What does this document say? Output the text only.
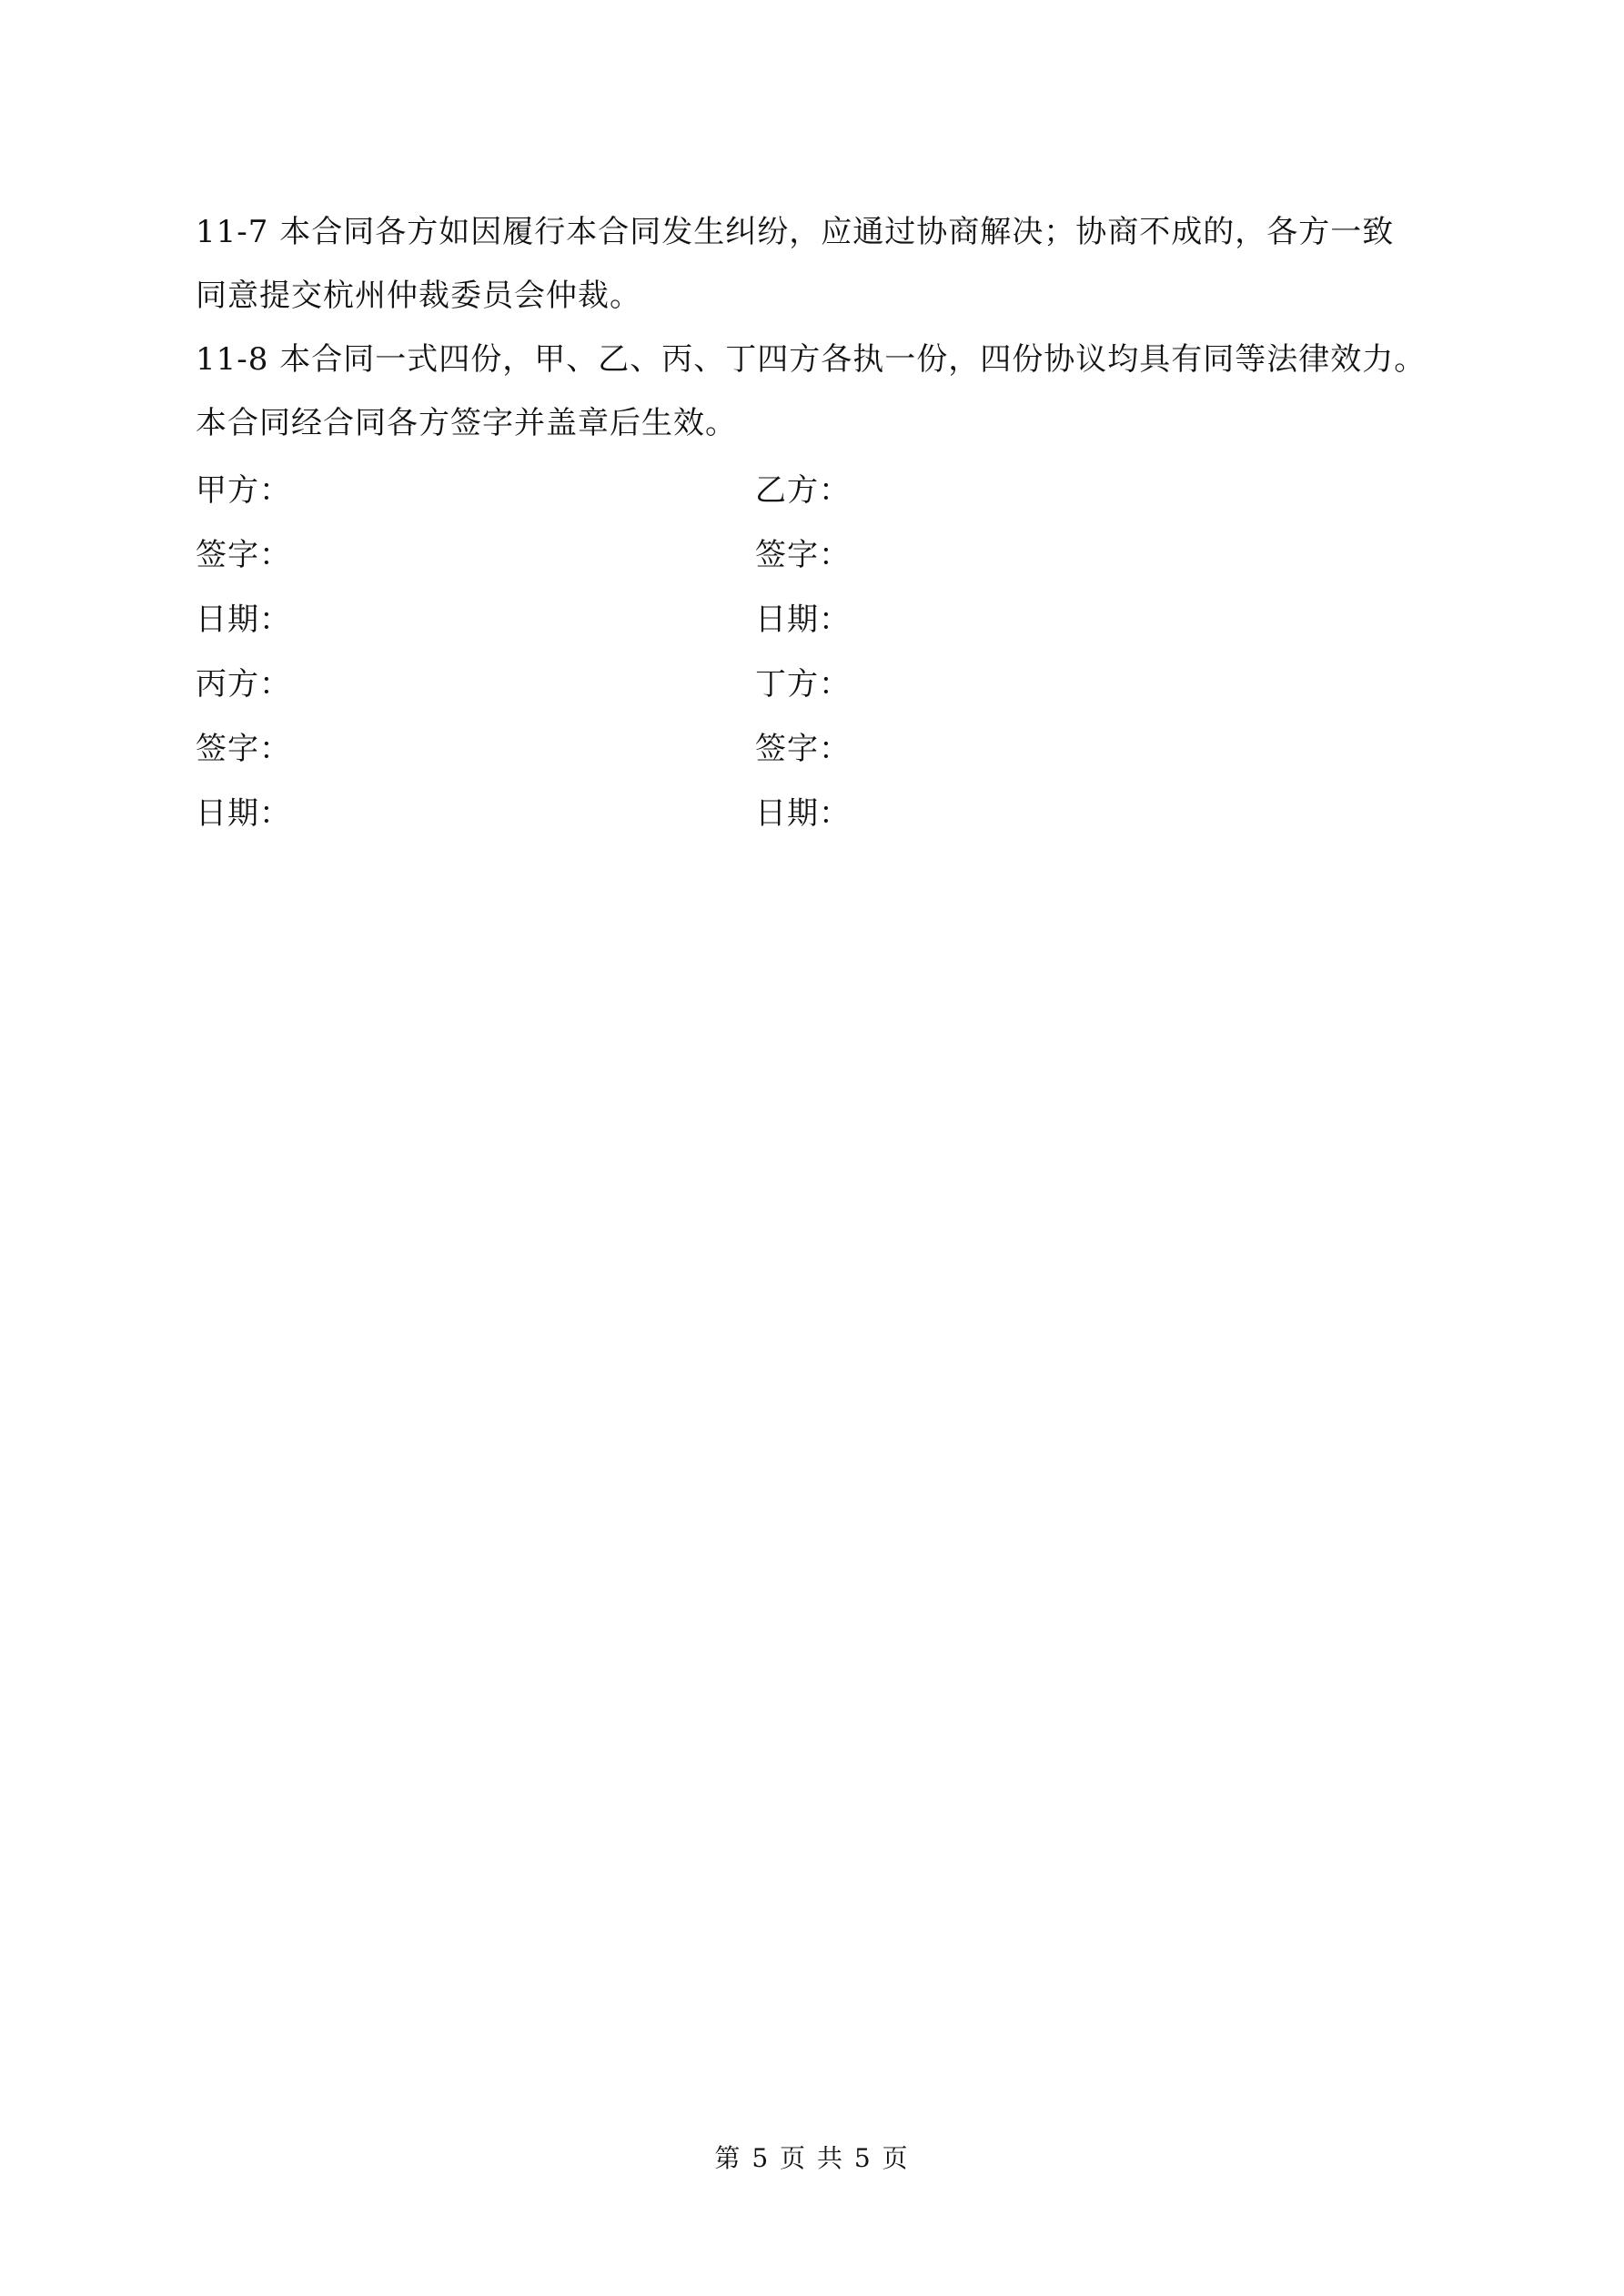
11-7 本合同各方如因履行本合同发生纠纷，应通过协商解决；协商不成的，各方一致

同意提交杭州仲裁委员会仲裁。

11-8 本合同一式四份，甲、乙、丙、丁四方各执一份，四份协议均具有同等法律效力。

本合同经合同各方签字并盖章后生效。

甲方：	乙方：
签字：	签字：
日期：	日期：
丙方：	丁方：
签字：	签字：
日期：	日期：
第 5 页 共 5 页
